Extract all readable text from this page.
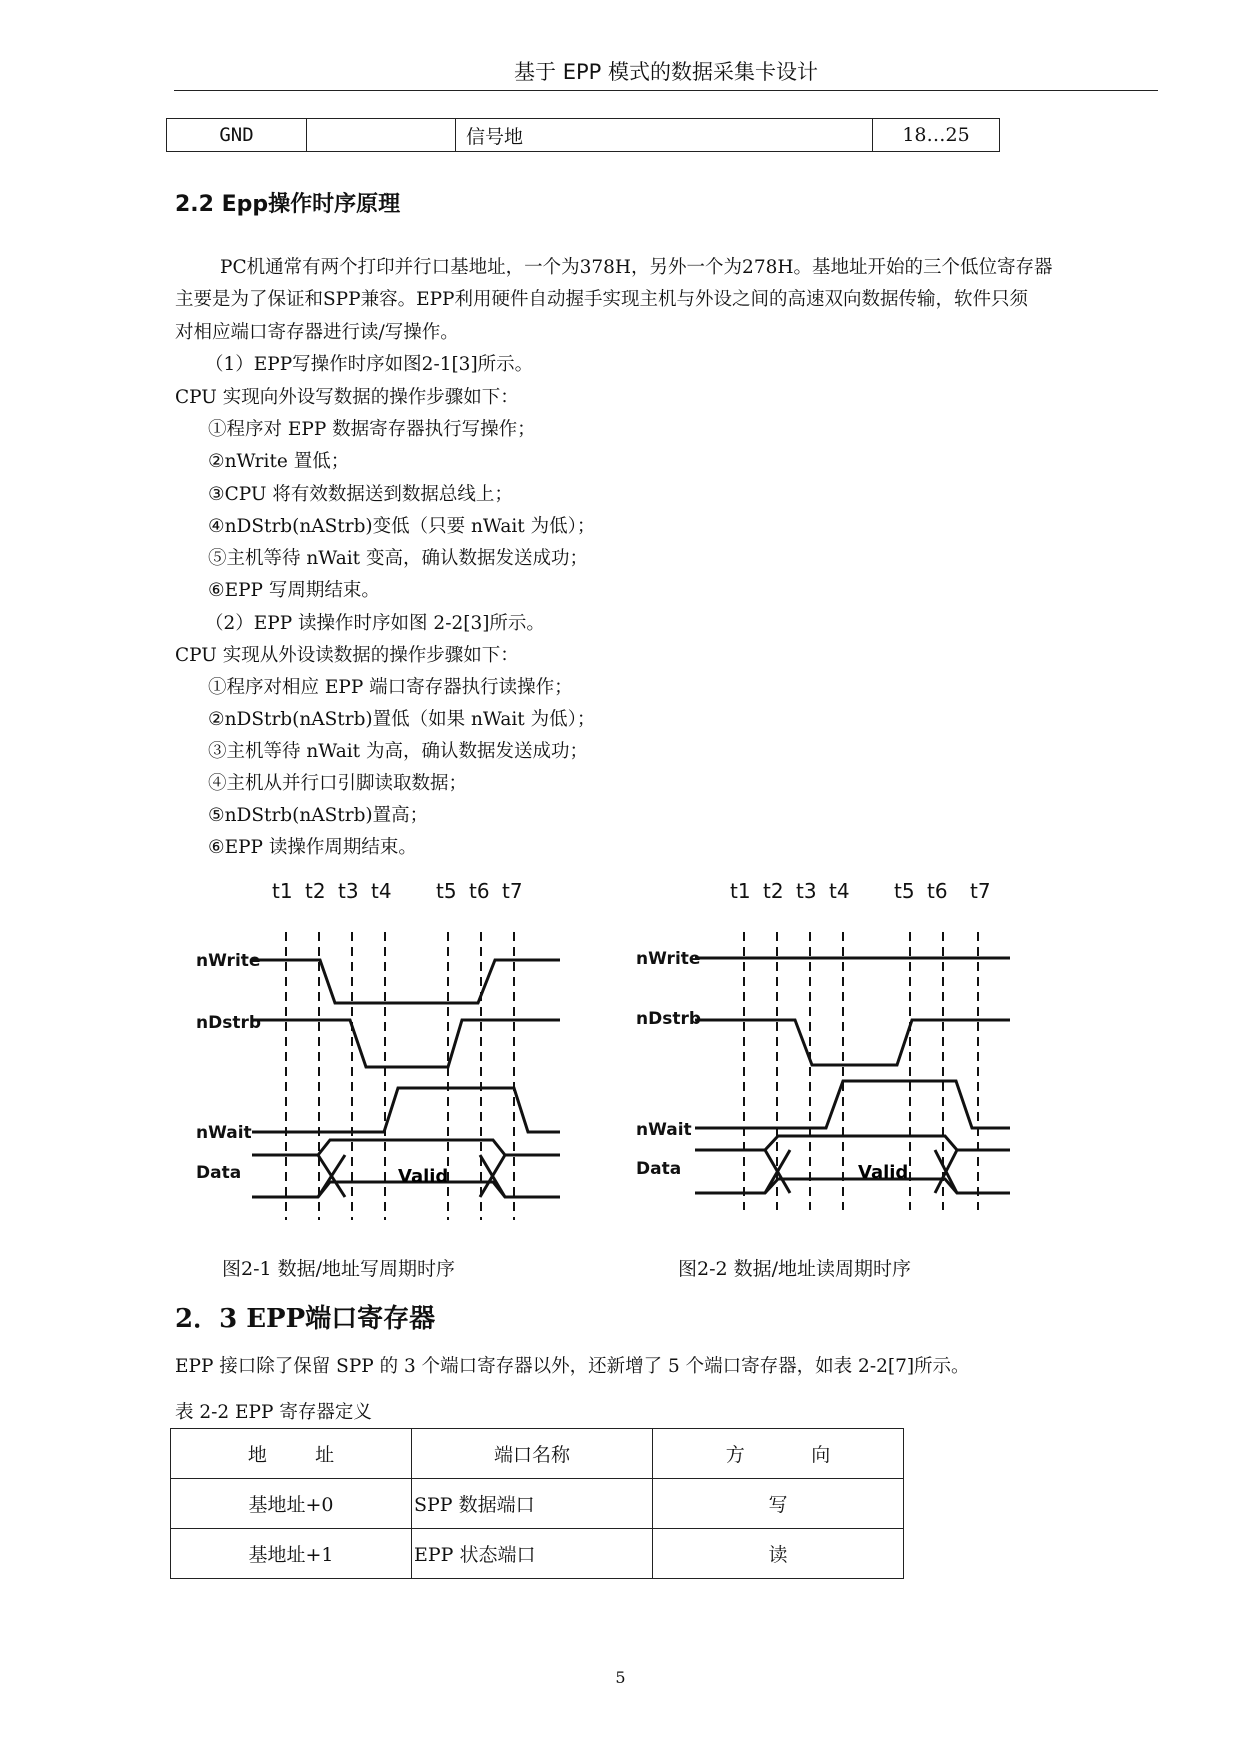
基于 EPP 模式的数据采集卡设计
GND		信号地	18…25
2.2 Epp操作时序原理
PC机通常有两个打印并行口基地址，一个为378H，另外一个为278H。基地址开始的三个低位寄存器
主要是为了保证和SPP兼容。EPP利用硬件自动握手实现主机与外设之间的高速双向数据传输，软件只须
对相应端口寄存器进行读/写操作。
（1）EPP写操作时序如图2-1[3]所示。
CPU 实现向外设写数据的操作步骤如下：
①程序对 EPP 数据寄存器执行写操作；
②nWrite 置低；
③CPU 将有效数据送到数据总线上；
④nDStrb(nAStrb)变低（只要 nWait 为低）；
⑤主机等待 nWait 变高，确认数据发送成功；
⑥EPP 写周期结束。
（2）EPP 读操作时序如图 2-2[3]所示。
CPU 实现从外设读数据的操作步骤如下：
①程序对相应 EPP 端口寄存器执行读操作；
②nDStrb(nAStrb)置低（如果 nWait 为低）；
③主机等待 nWait 为高，确认数据发送成功；
④主机从并行口引脚读取数据；
⑤nDStrb(nAStrb)置高；
⑥EPP 读操作周期结束。
t1 t2 t3 t4 t5 t6 t7
nWrite
nDstrb
nWait
Data	Valid
t1 t2 t3 t4 t5 t6 t7
nWrite
nDstrb
nWait
Data	Valid
图2-1 数据/地址写周期时序	图2-2 数据/地址读周期时序
2．3 EPP端口寄存器
EPP 接口除了保留 SPP 的 3 个端口寄存器以外，还新增了 5 个端口寄存器，如表 2-2[7]所示。
表 2-2 EPP 寄存器定义
地        址	端口名称	方           向
基地址+0	SPP 数据端口	写
基地址+1	EPP 状态端口	读
5
